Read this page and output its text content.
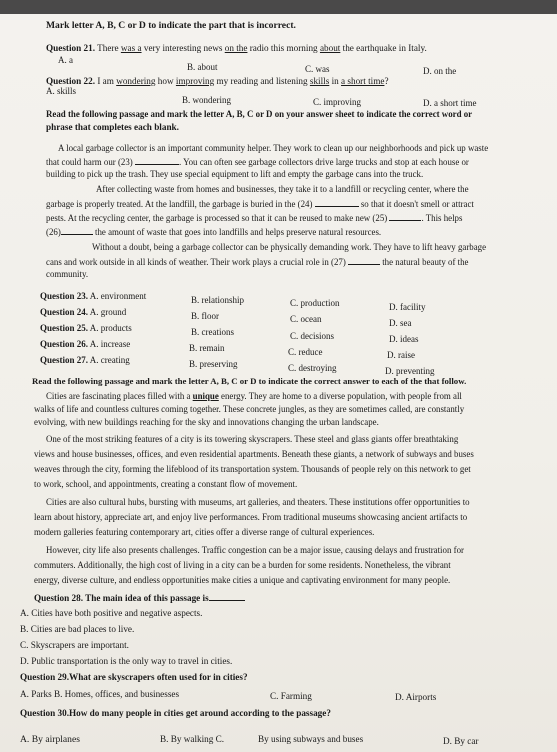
Mark letter A, B, C or D to indicate the part that is incorrect.
Question 21. There was a very interesting news on the radio this morning about the earthquake in Italy.
A. a
B. about	C. was	D. on the
Question 22. I am wondering how improving my reading and listening skills in a short time?
A. skills
B. wondering	C. improving	D. a short time
Read the following passage and mark the letter A, B, C or D on your answer sheet to indicate the correct word or
phrase that completes each blank.
A local garbage collector is an important community helper. They work to clean up our neighborhoods and pick up waste
that could harm our (23)	. You can often see garbage collectors drive large trucks and stop at each house or
building to pick up the trash. They use special equipment to lift and empty the garbage cans into the truck.
After collecting waste from homes and businesses, they take it to a landfill or recycling center, where the
garbage is properly treated. At the landfill, the garbage is buried in the (24)	so that it doesn't smell or attract
pests. At the recycling center, the garbage is processed so that it can be reused to make new (25)	. This helps
(26)	the amount of waste that goes into landfills and helps preserve natural resources.
Without a doubt, being a garbage collector can be physically demanding work. They have to lift heavy garbage
cans and work outside in all kinds of weather. Their work plays a crucial role in (27)	the natural beauty of the
community.
Question 23. A. environment	B. relationship	C. production	D. facility
Question 24. A. ground	B. floor	C. ocean	D. sea
Question 25. A. products	B. creations	C. decisions	D. ideas
Question 26. A. increase	B. remain	C. reduce	D. raise
Question 27. A. creating	B. preserving	C. destroying	D. preventing
Read the following passage and mark the letter A, B, C or D to indicate the correct answer to each of the that follow.
Cities are fascinating places filled with a unique energy. They are home to a diverse population, with people from all
walks of life and countless cultures coming together. These concrete jungles, as they are sometimes called, are constantly
evolving, with new buildings reaching for the sky and innovations changing the urban landscape.
One of the most striking features of a city is its towering skyscrapers. These steel and glass giants offer breathtaking
views and house businesses, offices, and even residential apartments. Beneath these giants, a network of subways and buses
weaves through the city, forming the lifeblood of its transportation system. Thousands of people rely on this network to get
to work, school, and appointments, creating a constant flow of movement.
Cities are also cultural hubs, bursting with museums, art galleries, and theaters. These institutions offer opportunities to
learn about history, appreciate art, and enjoy live performances. From traditional museums showcasing ancient artifacts to
modern galleries featuring contemporary art, cities offer a diverse range of cultural experiences.
However, city life also presents challenges. Traffic congestion can be a major issue, causing delays and frustration for
commuters. Additionally, the high cost of living in a city can be a burden for some residents. Nonetheless, the vibrant
energy, diverse culture, and endless opportunities make cities a unique and captivating environment for many people.
Question 28. The main idea of this passage is
A. Cities have both positive and negative aspects.
B. Cities are bad places to live.
C. Skyscrapers are important.
D. Public transportation is the only way to travel in cities.
Question 29.What are skyscrapers often used for in cities?
A. Parks B. Homes, offices, and businesses	C. Farming	D. Airports
Question 30.How do many people in cities get around according to the passage?
A. By airplanes	B. By walking C.	By using subways and buses	D. By car
